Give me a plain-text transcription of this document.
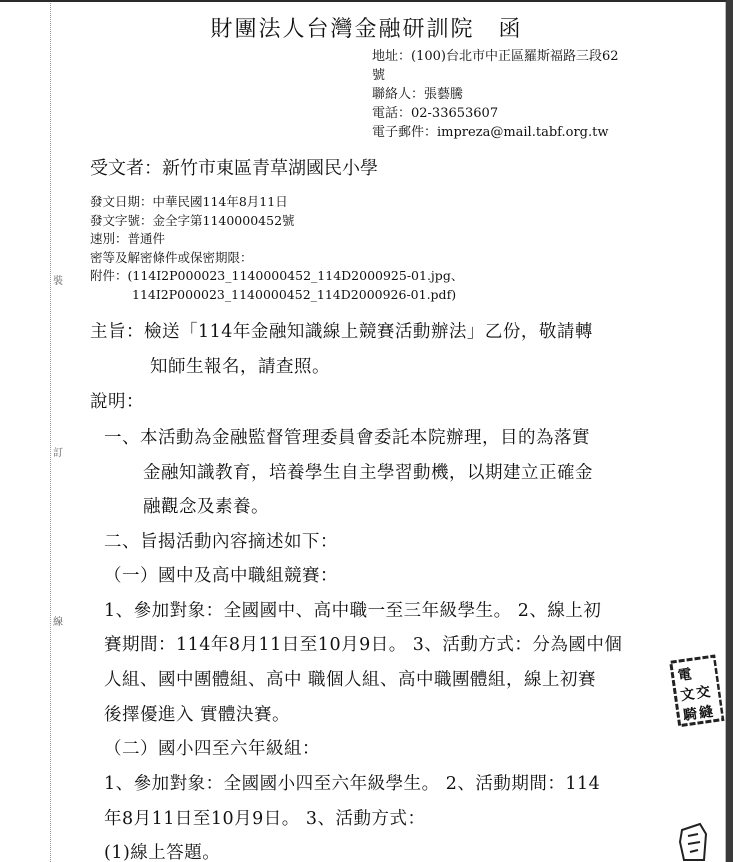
裝
訂
線
財團法人台灣金融研訓院　函
地址：(100)台北市中正區羅斯福路三段62
號
聯絡人：張藝騰
電話：02-33653607
電子郵件：impreza@mail.tabf.org.tw
受文者：新竹市東區青草湖國民小學
發文日期：中華民國114年8月11日
發文字號：金全字第1140000452號
速別：普通件
密等及解密條件或保密期限：
附件：(114I2P000023_1140000452_114D2000925-01.jpg、
114I2P000023_1140000452_114D2000926-01.pdf)
主旨：檢送「114年金融知識線上競賽活動辦法」乙份，敬請轉
知師生報名，請查照。
說明：
一、本活動為金融監督管理委員會委託本院辦理，目的為落實
金融知識教育，培養學生自主學習動機，以期建立正確金
融觀念及素養。
二、旨揭活動內容摘述如下：
（一）國中及高中職組競賽：
1、參加對象：全國國中、高中職一至三年級學生。 2、線上初
賽期間：114年8月11日至10月9日。 3、活動方式：分為國中個
人組、國中團體組、高中 職個人組、高中職團體組，線上初賽
後擇優進入 實體決賽。
（二）國小四至六年級組：
1、參加對象：全國國小四至六年級學生。 2、活動期間：114
年8月11日至10月9日。 3、活動方式：
(1)線上答題。
電
文 交
騎 縫
